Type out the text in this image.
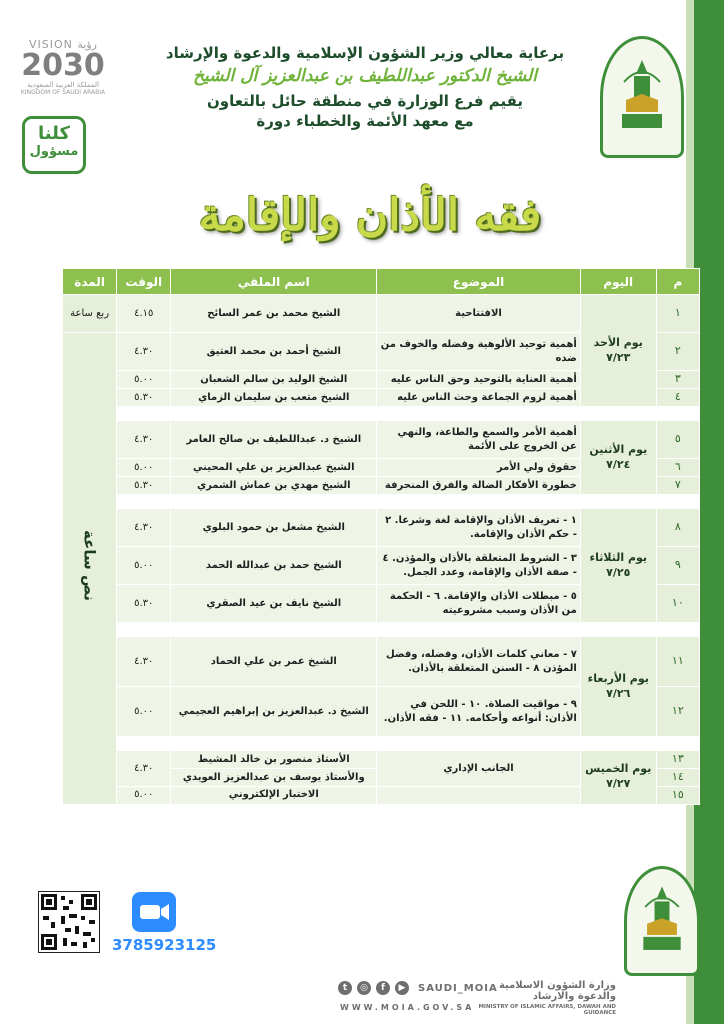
VISION رؤية
2030
المملكة العربية السعودية
KINGDOM OF SAUDI ARABIA
كلنا
مسؤول
برعاية معالي وزير الشؤون الإسلامية والدعوة والإرشاد
الشيخ الدكتور عبداللطيف بن عبدالعزيز آل الشيخ
يقيم فرع الوزارة في منطقة حائل بالتعاون
مع معهد الأئمة والخطباء دورة
فقه الأذان والإقامة
م	اليوم	الموضوع	اسم الملقي	الوقت	المدة
١	يوم الأحد ٧/٢٣	الافتتاحية	الشيخ محمد بن عمر السائح	٤.١٥	ربع ساعة
٢		أهمية توحيد الألوهية وفضله والخوف من ضده	الشيخ أحمد بن محمد العتيق	٤.٣٠	نص ساعة
٣		أهمية العناية بالتوحيد وحق الناس عليه	الشيخ الوليد بن سالم الشعبان	٥.٠٠	
٤		أهمية لزوم الجماعة وحث الناس عليه	الشيخ متعب بن سليمان الزماي	٥.٣٠	

٥	يوم الأثنين ٧/٢٤	أهمية الأمر والسمع والطاعة، والنهي عن الخروج على الأئمة	الشيخ د. عبداللطيف بن صالح العامر	٤.٣٠	
٦		حقوق ولي الأمر	الشيخ عبدالعزيز بن علي المحيني	٥.٠٠	
٧		خطورة الأفكار الضالة والفرق المنحرفة	الشيخ مهدي بن عماش الشمري	٥.٣٠	

٨	يوم الثلاثاء ٧/٢٥	١ - تعريف الأذان والإقامة لغة وشرعا. ٢ - حكم الأذان والإقامة.	الشيخ مشعل بن حمود البلوي	٤.٣٠	
٩		٣ - الشروط المتعلقة بالأذان والمؤذن. ٤ - صفة الأذان والإقامة، وعدد الجمل.	الشيخ حمد بن عبدالله الحمد	٥.٠٠	
١٠		٥ - مبطلات الأذان والإقامة. ٦ - الحكمة من الأذان وسبب مشروعيته	الشيخ نايف بن عيد الصقري	٥.٣٠	

١١	يوم الأربعاء ٧/٢٦	٧ - معاني كلمات الأذان، وفضله، وفضل المؤذن ٨ - السنن المتعلقة بالأذان.	الشيخ عمر بن علي الحماد	٤.٣٠	
١٢		٩ - مواقيت الصلاة. ١٠ - اللحن في الأذان: أنواعه وأحكامه. ١١ - فقه الأذان.	الشيخ د. عبدالعزيز بن إبراهيم العجيمي	٥.٠٠	

١٣	يوم الخميس ٧/٢٧	الجانب الإداري	الأستاذ منصور بن خالد المشيط	٤.٣٠	
١٤			والأستاذ يوسف بن عبدالعزيز العويدي		
١٥			الاختبار الإلكتروني	٥.٠٠	
3785923125
t	◎	f	▶	SAUDI_MOIA
WWW.MOIA.GOV.SA
وزارة الشؤون الاسلامية والدعوة والارشاد
MINISTRY OF ISLAMIC AFFAIRS, DAWAH AND GUIDANCE
